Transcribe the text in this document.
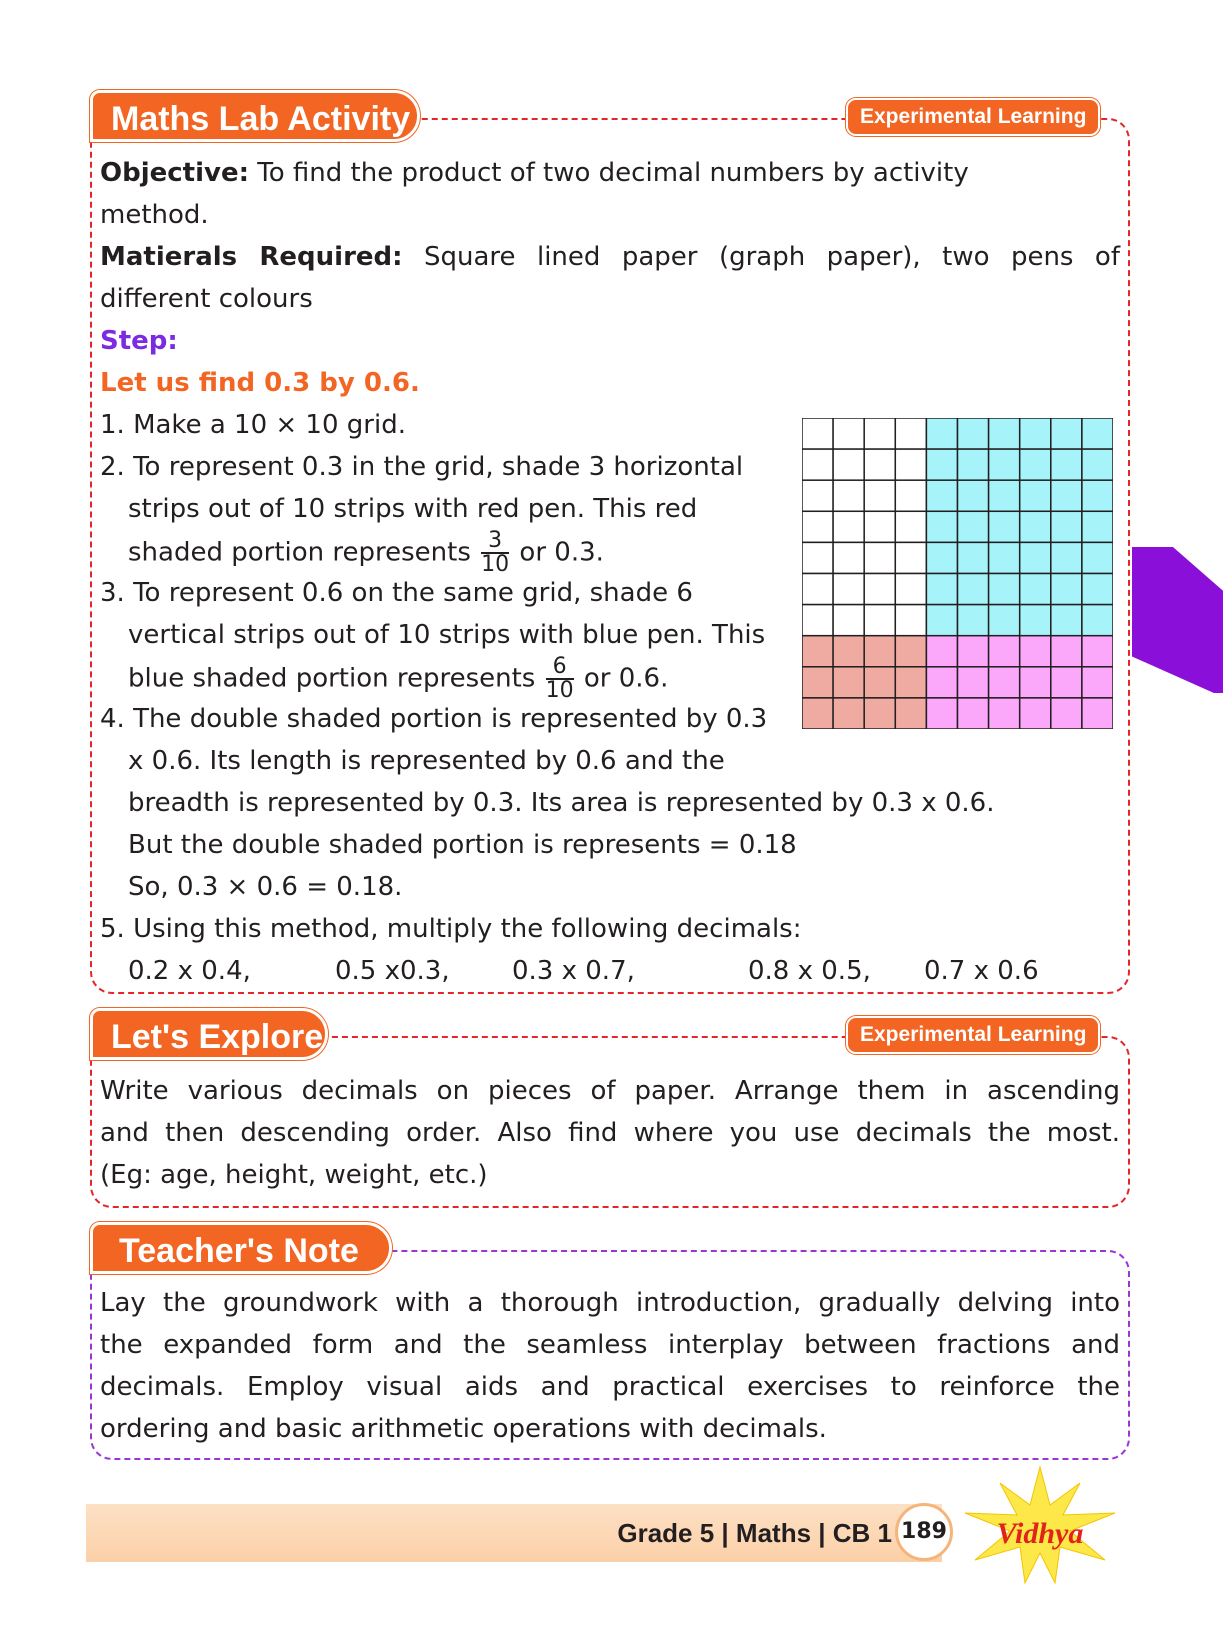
Maths Lab Activity	Experimental Learning
Objective: To find the product of two decimal numbers by activity
method.
Matierals Required: Square lined paper (graph paper), two pens of
different colours
Step:
Let us find 0.3 by 0.6.
1. Make a 10 × 10 grid.
2. To represent 0.3 in the grid, shade 3 horizontal
strips out of 10 strips with red pen. This red
shaded portion represents $\frac{3}{10}$ or 0.3.
3. To represent 0.6 on the same grid, shade 6
vertical strips out of 10 strips with blue pen. This
blue shaded portion represents $\frac{6}{10}$ or 0.6.
4. The double shaded portion is represented by 0.3
x 0.6. Its length is represented by 0.6 and the
breadth is represented by 0.3. Its area is represented by 0.3 x 0.6.
But the double shaded portion is represents = 0.18
So, 0.3 × 0.6 = 0.18.
5. Using this method, multiply the following decimals:
0.2 x 0.4,	0.5 x0.3, 0.3 x 0.7,	0.8 x 0.5, 0.7 x 0.6
Let's Explore	Experimental Learning
Write various decimals on pieces of paper. Arrange them in ascending
and then descending order. Also find where you use decimals the most.
(Eg: age, height, weight, etc.)
Teacher's Note
Lay the groundwork with a thorough introduction, gradually delving into
the expanded form and the seamless interplay between fractions and
decimals. Employ visual aids and practical exercises to reinforce the
ordering and basic arithmetic operations with decimals.
Grade 5 | Maths | CB 1 189 Vidhya
